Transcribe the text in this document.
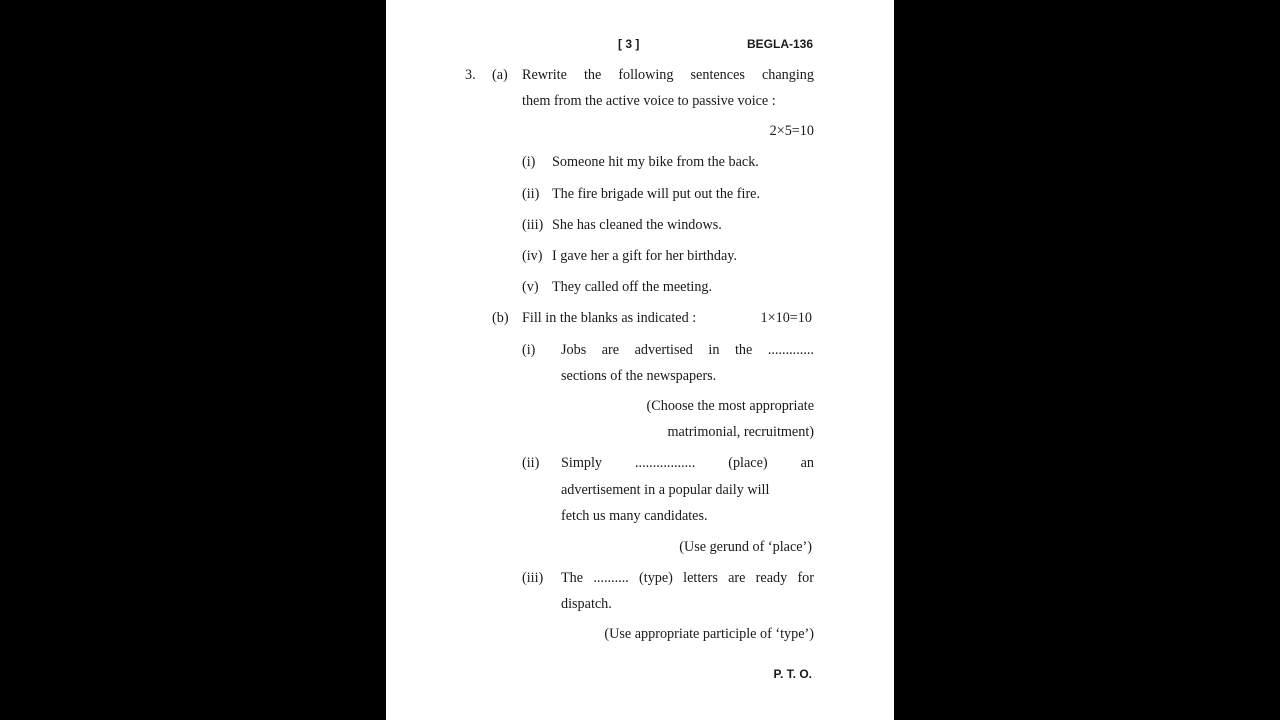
[ 3 ]	BEGLA-136
3. (a) Rewrite the following sentences changing
them from the active voice to passive voice :
2×5=10
(i) Someone hit my bike from the back.
(ii) The fire brigade will put out the fire.
(iii) She has cleaned the windows.
(iv) I gave her a gift for her birthday.
(v) They called off the meeting.
(b) Fill in the blanks as indicated :	1×10=10
(i) Jobs are advertised in the .............
sections of the newspapers.
(Choose the most appropriate
matrimonial, recruitment)
(ii) Simply ................. (place) an
advertisement in a popular daily will
fetch us many candidates.
(Use gerund of ‘place’)
(iii) The .......... (type) letters are ready for
dispatch.
(Use appropriate participle of ‘type’)
P. T. O.
